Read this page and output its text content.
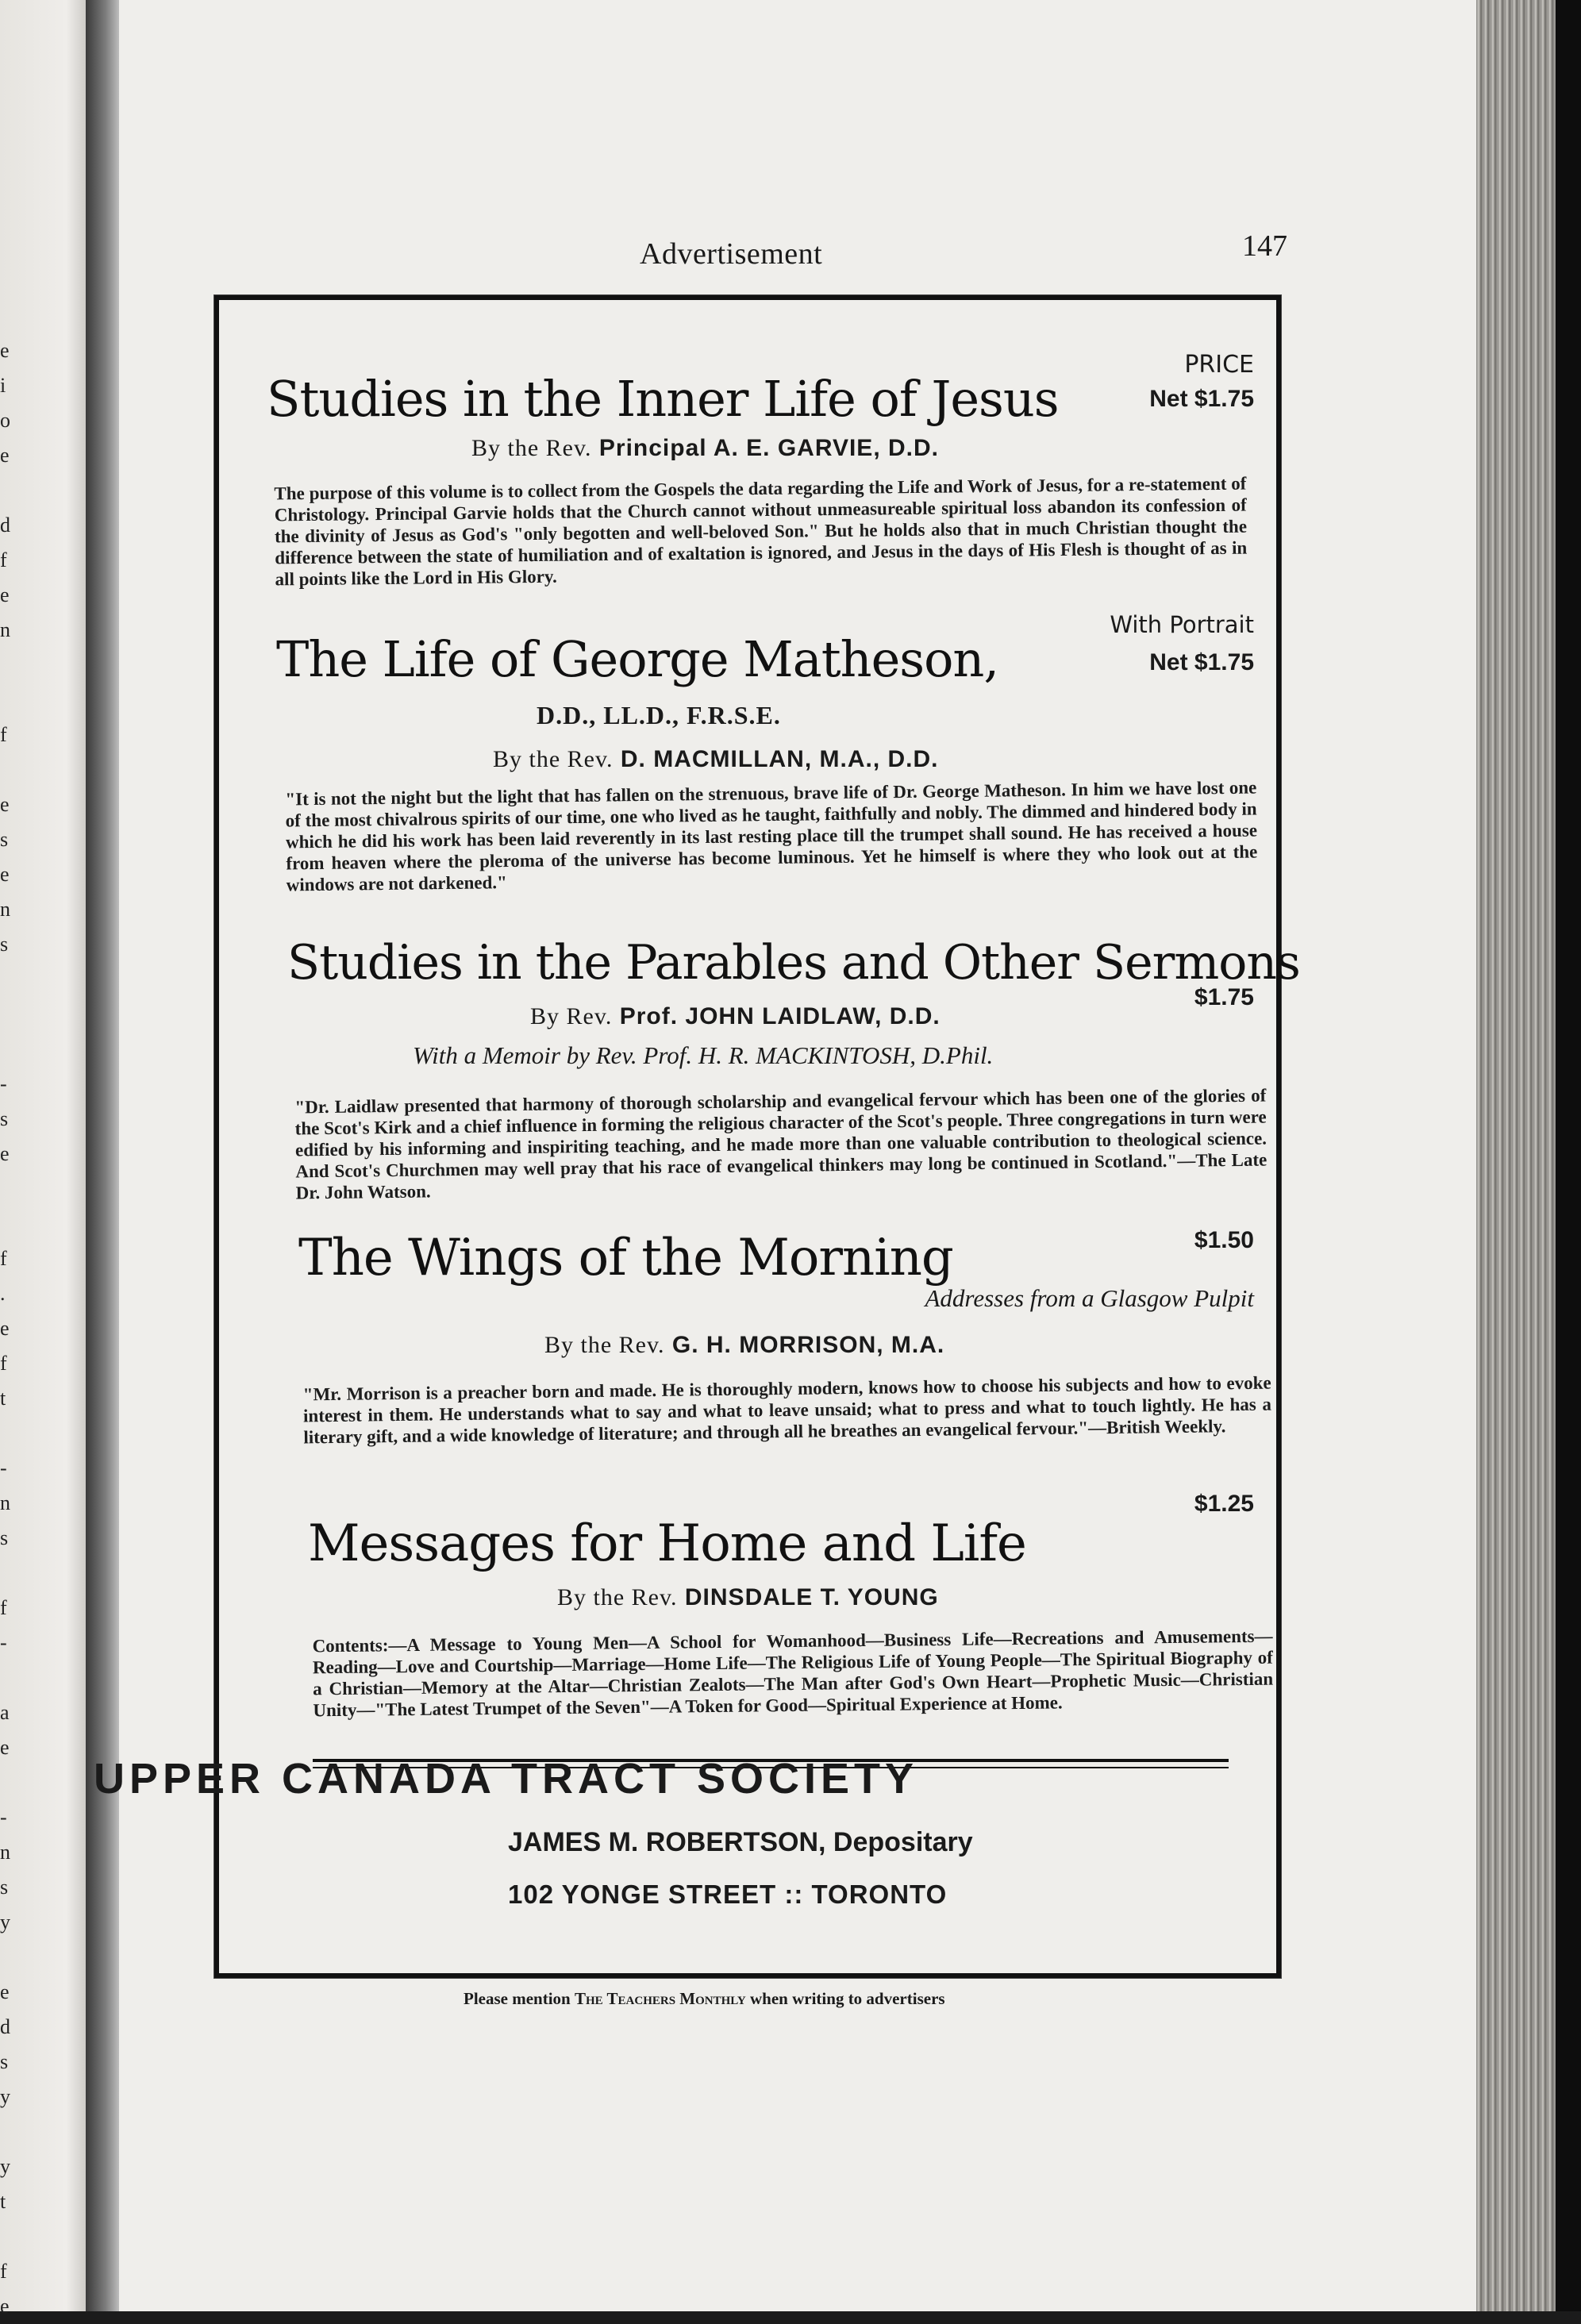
e
i
o
e

d
f
e
n

f

e
s
e
n
s

-
s
e

f
.
e
f
t

-
n
s

f
-

a
e

-
n
s
y

e
d
s
y

y
t

f
e
Advertisement	147
Studies in the Inner Life of Jesus
PRICE
Net $1.75
By the Rev. Principal A. E. GARVIE, D.D.
The purpose of this volume is to collect from the Gospels the data regarding the Life and Work of Jesus, for a re-statement of Christology. Principal Garvie holds that the Church cannot without unmeasureable spiritual loss abandon its confession of the divinity of Jesus as God's "only begotten and well-beloved Son." But he holds also that in much Christian thought the difference between the state of humiliation and of exaltation is ignored, and Jesus in the days of His Flesh is thought of as in all points like the Lord in His Glory.
The Life of George Matheson,
With Portrait
Net $1.75
D.D., LL.D., F.R.S.E.
By the Rev. D. MACMILLAN, M.A., D.D.
"It is not the night but the light that has fallen on the strenuous, brave life of Dr. George Matheson. In him we have lost one of the most chivalrous spirits of our time, one who lived as he taught, faithfully and nobly. The dimmed and hindered body in which he did his work has been laid reverently in its last resting place till the trumpet shall sound. He has received a house from heaven where the pleroma of the universe has become luminous. Yet he himself is where they who look out at the windows are not darkened."
Studies in the Parables and Other Sermons
$1.75
By Rev. Prof. JOHN LAIDLAW, D.D.
With a Memoir by Rev. Prof. H. R. MACKINTOSH, D.Phil.
"Dr. Laidlaw presented that harmony of thorough scholarship and evangelical fervour which has been one of the glories of the Scot's Kirk and a chief influence in forming the religious character of the Scot's people. Three congregations in turn were edified by his informing and inspiriting teaching, and he made more than one valuable contribution to theological science. And Scot's Churchmen may well pray that his race of evangelical thinkers may long be continued in Scotland."—The Late Dr. John Watson.
The Wings of the Morning	$1.50
Addresses from a Glasgow Pulpit
By the Rev. G. H. MORRISON, M.A.
"Mr. Morrison is a preacher born and made. He is thoroughly modern, knows how to choose his subjects and how to evoke interest in them. He understands what to say and what to leave unsaid; what to press and what to touch lightly. He has a literary gift, and a wide knowledge of literature; and through all he breathes an evangelical fervour."—British Weekly.
Messages for Home and Life
$1.25
By the Rev. DINSDALE T. YOUNG
Contents:—A Message to Young Men—A School for Womanhood—Business Life—Recreations and Amusements—Reading—Love and Courtship—Marriage—Home Life—The Religious Life of Young People—The Spiritual Biography of a Christian—Memory at the Altar—Christian Zealots—The Man after God's Own Heart—Prophetic Music—Christian Unity—"The Latest Trumpet of the Seven"—A Token for Good—Spiritual Experience at Home.
UPPER CANADA TRACT SOCIETY
JAMES M. ROBERTSON, Depositary
102 YONGE STREET :: TORONTO
Please mention The Teachers Monthly when writing to advertisers
